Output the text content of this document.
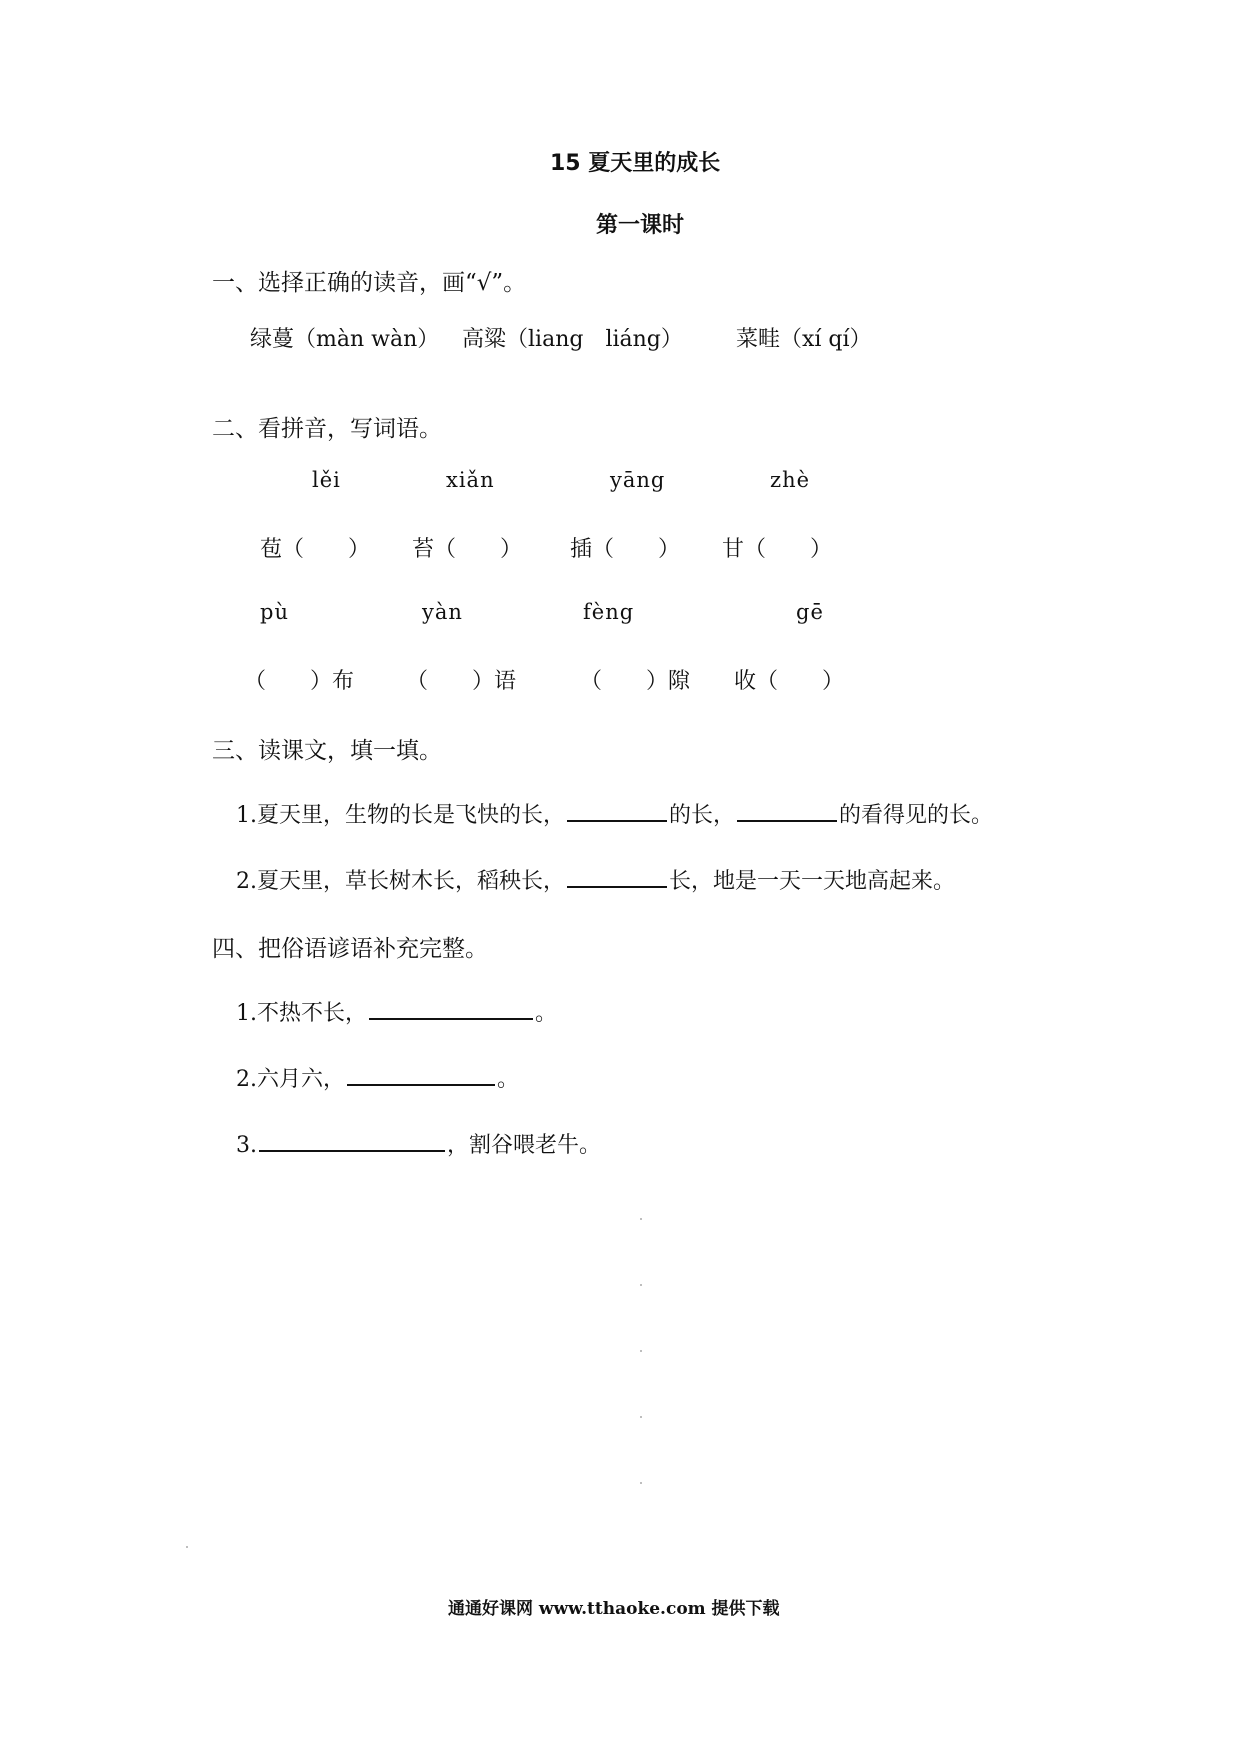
15 夏天里的成长
第一课时
一、选择正确的读音，画“√”。
绿蔓（màn wàn） 高粱（liang　liáng） 菜畦（xí qí）
二、看拼音，写词语。
lěi	xiǎn	yāng	zhè
苞（　　） 苔（　　） 插（　　） 甘（　　）
pù	yàn	fèng	gē
（　　）布 （　　）语	（　　）隙 收（　　）
三、读课文，填一填。
1.夏天里，生物的长是飞快的长，	的长，	的看得见的长。
2.夏天里，草长树木长，稻秧长，	长，地是一天一天地高起来。
四、把俗语谚语补充完整。
1.不热不长，	。
2.六月六，	。
3.	，割谷喂老牛。
通通好课网 www.tthaoke.com 提供下载
